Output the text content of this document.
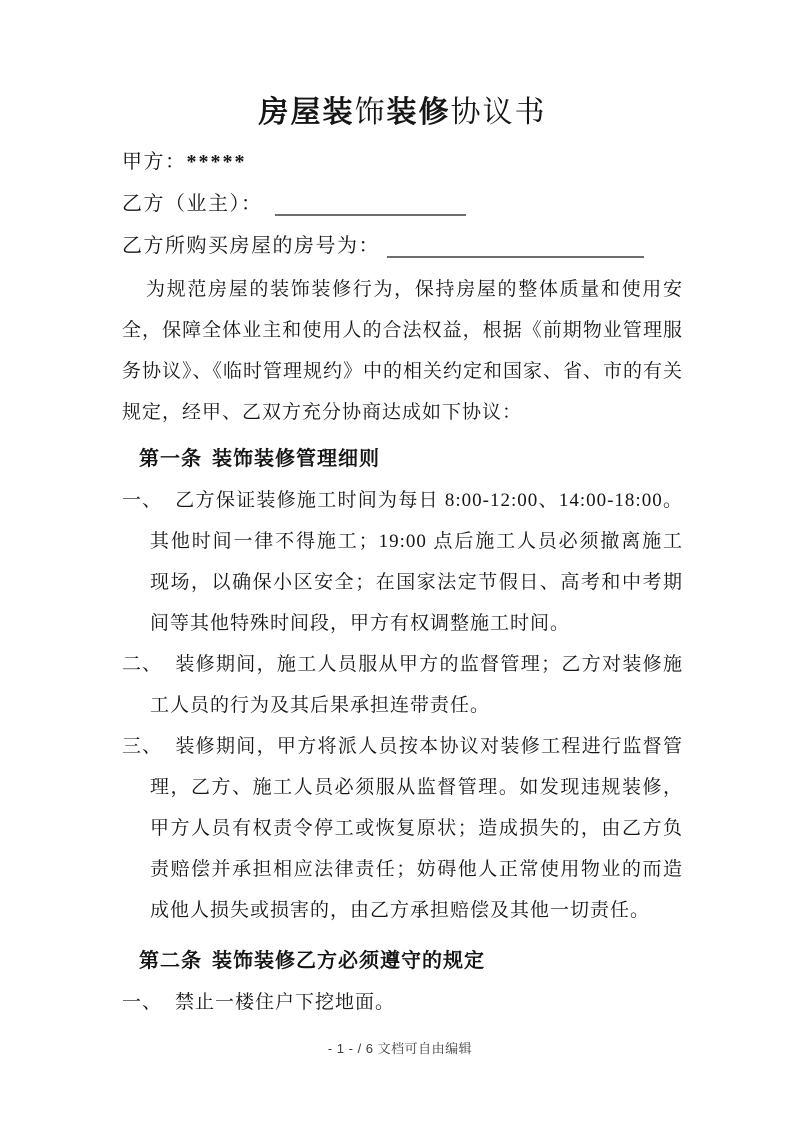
房屋装饰装修协议书
甲方：*****
乙方（业主）：
乙方所购买房屋的房号为：

为规范房屋的装饰装修行为，保持房屋的整体质量和使用安全，保障全体业主和使用人的合法权益，根据《前期物业管理服务协议》、《临时管理规约》中的相关约定和国家、省、市的有关规定，经甲、乙双方充分协商达成如下协议：

第一条 装饰装修管理细则
一、 乙方保证装修施工时间为每日 8:00-12:00、14:00-18:00。其他时间一律不得施工；19:00 点后施工人员必须撤离施工现场，以确保小区安全；在国家法定节假日、高考和中考期间等其他特殊时间段，甲方有权调整施工时间。
二、 装修期间，施工人员服从甲方的监督管理；乙方对装修施工人员的行为及其后果承担连带责任。
三、 装修期间，甲方将派人员按本协议对装修工程进行监督管理，乙方、施工人员必须服从监督管理。如发现违规装修，甲方人员有权责令停工或恢复原状；造成损失的，由乙方负责赔偿并承担相应法律责任；妨碍他人正常使用物业的而造成他人损失或损害的，由乙方承担赔偿及其他一切责任。
第二条 装饰装修乙方必须遵守的规定
一、 禁止一楼住户下挖地面。
- 1 - / 6 文档可自由编辑
